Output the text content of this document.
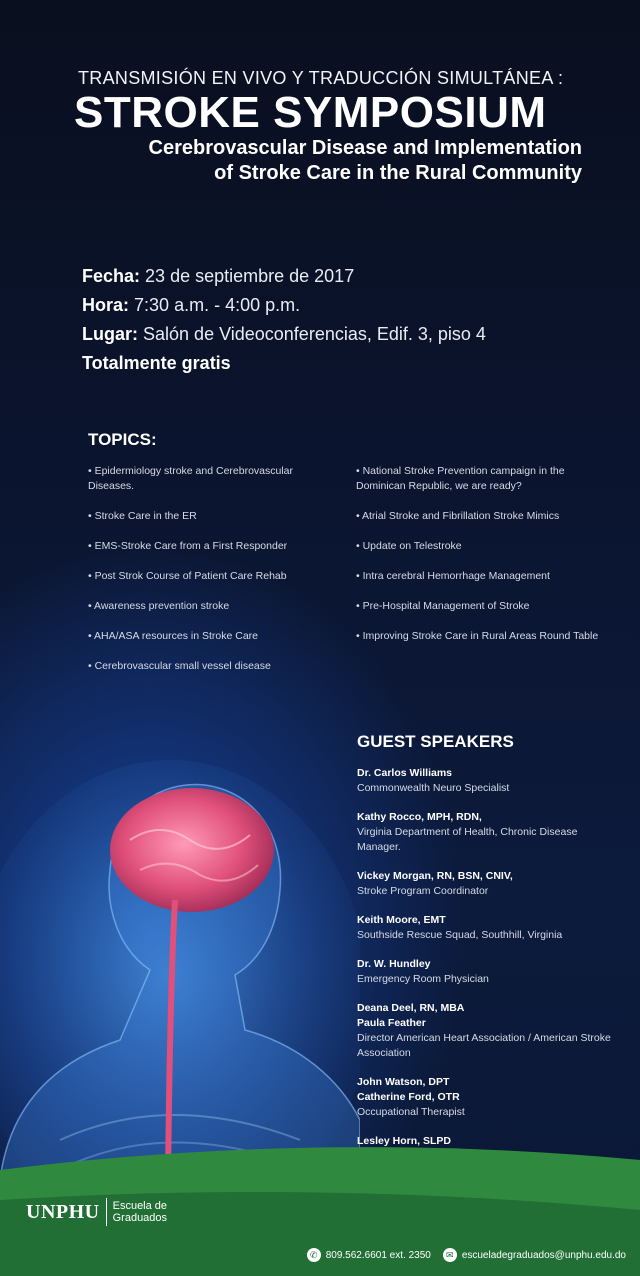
TRANSMISIÓN EN VIVO Y TRADUCCIÓN SIMULTÁNEA :
STROKE SYMPOSIUM
Cerebrovascular Disease and Implementation
of Stroke Care in the Rural Community
Fecha: 23 de septiembre de 2017
Hora: 7:30 a.m. - 4:00 p.m.
Lugar: Salón de Videoconferencias, Edif. 3, piso 4
Totalmente gratis
TOPICS:
• Epidermiology stroke and Cerebrovascular Diseases.
• Stroke Care in the ER
• EMS-Stroke Care from a First Responder
• Post Strok Course of Patient Care Rehab
• Awareness prevention stroke
• AHA/ASA resources in Stroke Care
• Cerebrovascular small vessel disease
• National Stroke Prevention campaign in the Dominican Republic, we are ready?
• Atrial Stroke and Fibrillation Stroke Mimics
• Update on Telestroke
• Intra cerebral Hemorrhage Management
• Pre-Hospital Management of Stroke
• Improving Stroke Care in Rural Areas Round Table
GUEST SPEAKERS
Dr. Carlos Williams
Commonwealth Neuro Specialist
Kathy Rocco, MPH, RDN,
Virginia Department of Health, Chronic Disease Manager.
Vickey Morgan, RN, BSN, CNIV,
Stroke Program Coordinator
Keith Moore, EMT
Southside Rescue Squad, Southhill, Virginia
Dr. W. Hundley
Emergency Room Physician
Deana Deel, RN, MBA
Paula Feather
Director American Heart Association / American Stroke Association
John Watson, DPT
Catherine Ford, OTR
Occupational Therapist
Lesley Horn, SLPD
UNPHU Escuela de Graduados
✆ 809.562.6601 ext. 2350	✉ escueladegraduados@unphu.edu.do
